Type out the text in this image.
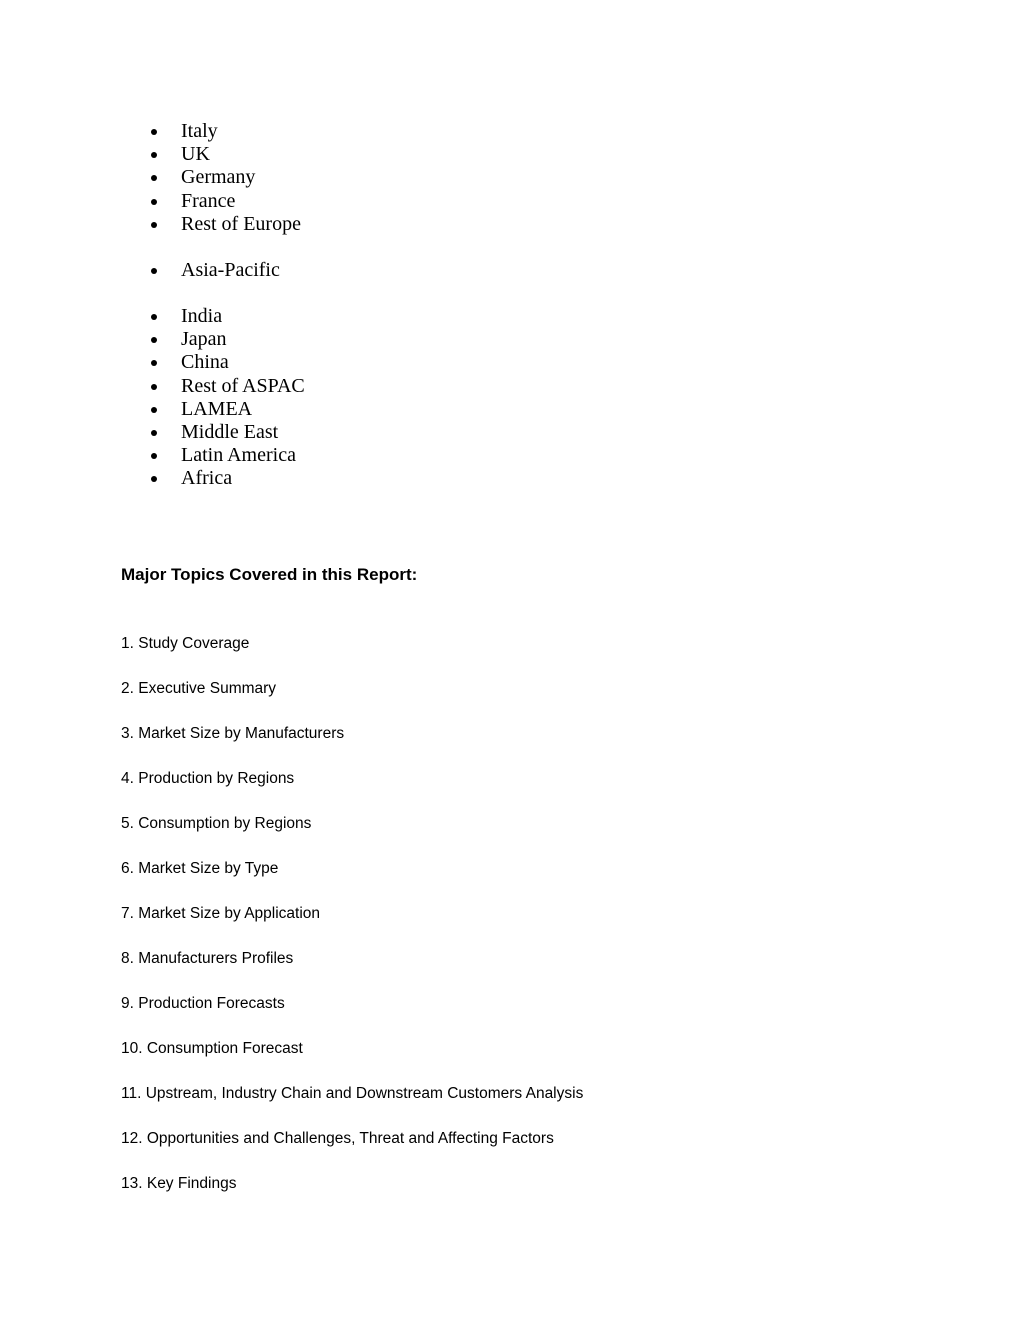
Italy
UK
Germany
France
Rest of Europe
Asia-Pacific
India
Japan
China
Rest of ASPAC
LAMEA
Middle East
Latin America
Africa
Major Topics Covered in this Report:
1. Study Coverage
2. Executive Summary
3. Market Size by Manufacturers
4. Production by Regions
5. Consumption by Regions
6. Market Size by Type
7. Market Size by Application
8. Manufacturers Profiles
9. Production Forecasts
10. Consumption Forecast
11. Upstream, Industry Chain and Downstream Customers Analysis
12. Opportunities and Challenges, Threat and Affecting Factors
13. Key Findings
